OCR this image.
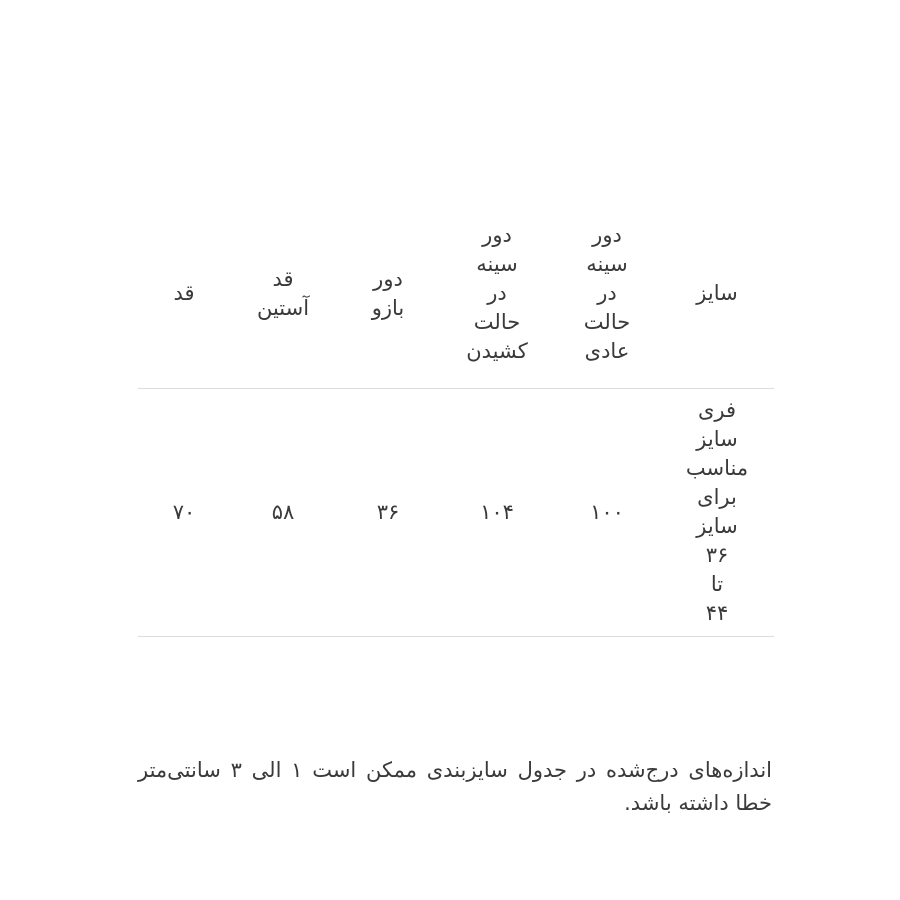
سایز	دور سینه در حالت عادی	دور سینه در حالت کشیدن	دور بازو	قد آستین	قد
فری سایز مناسب برای سایز ۳۶ تا ۴۴	۱۰۰	۱۰۴	۳۶	۵۸	۷۰

اندازه‌های درج‌شده در جدول سایزبندی ممکن است ۱ الی ۳ سانتی‌متر خطا داشته باشد.
